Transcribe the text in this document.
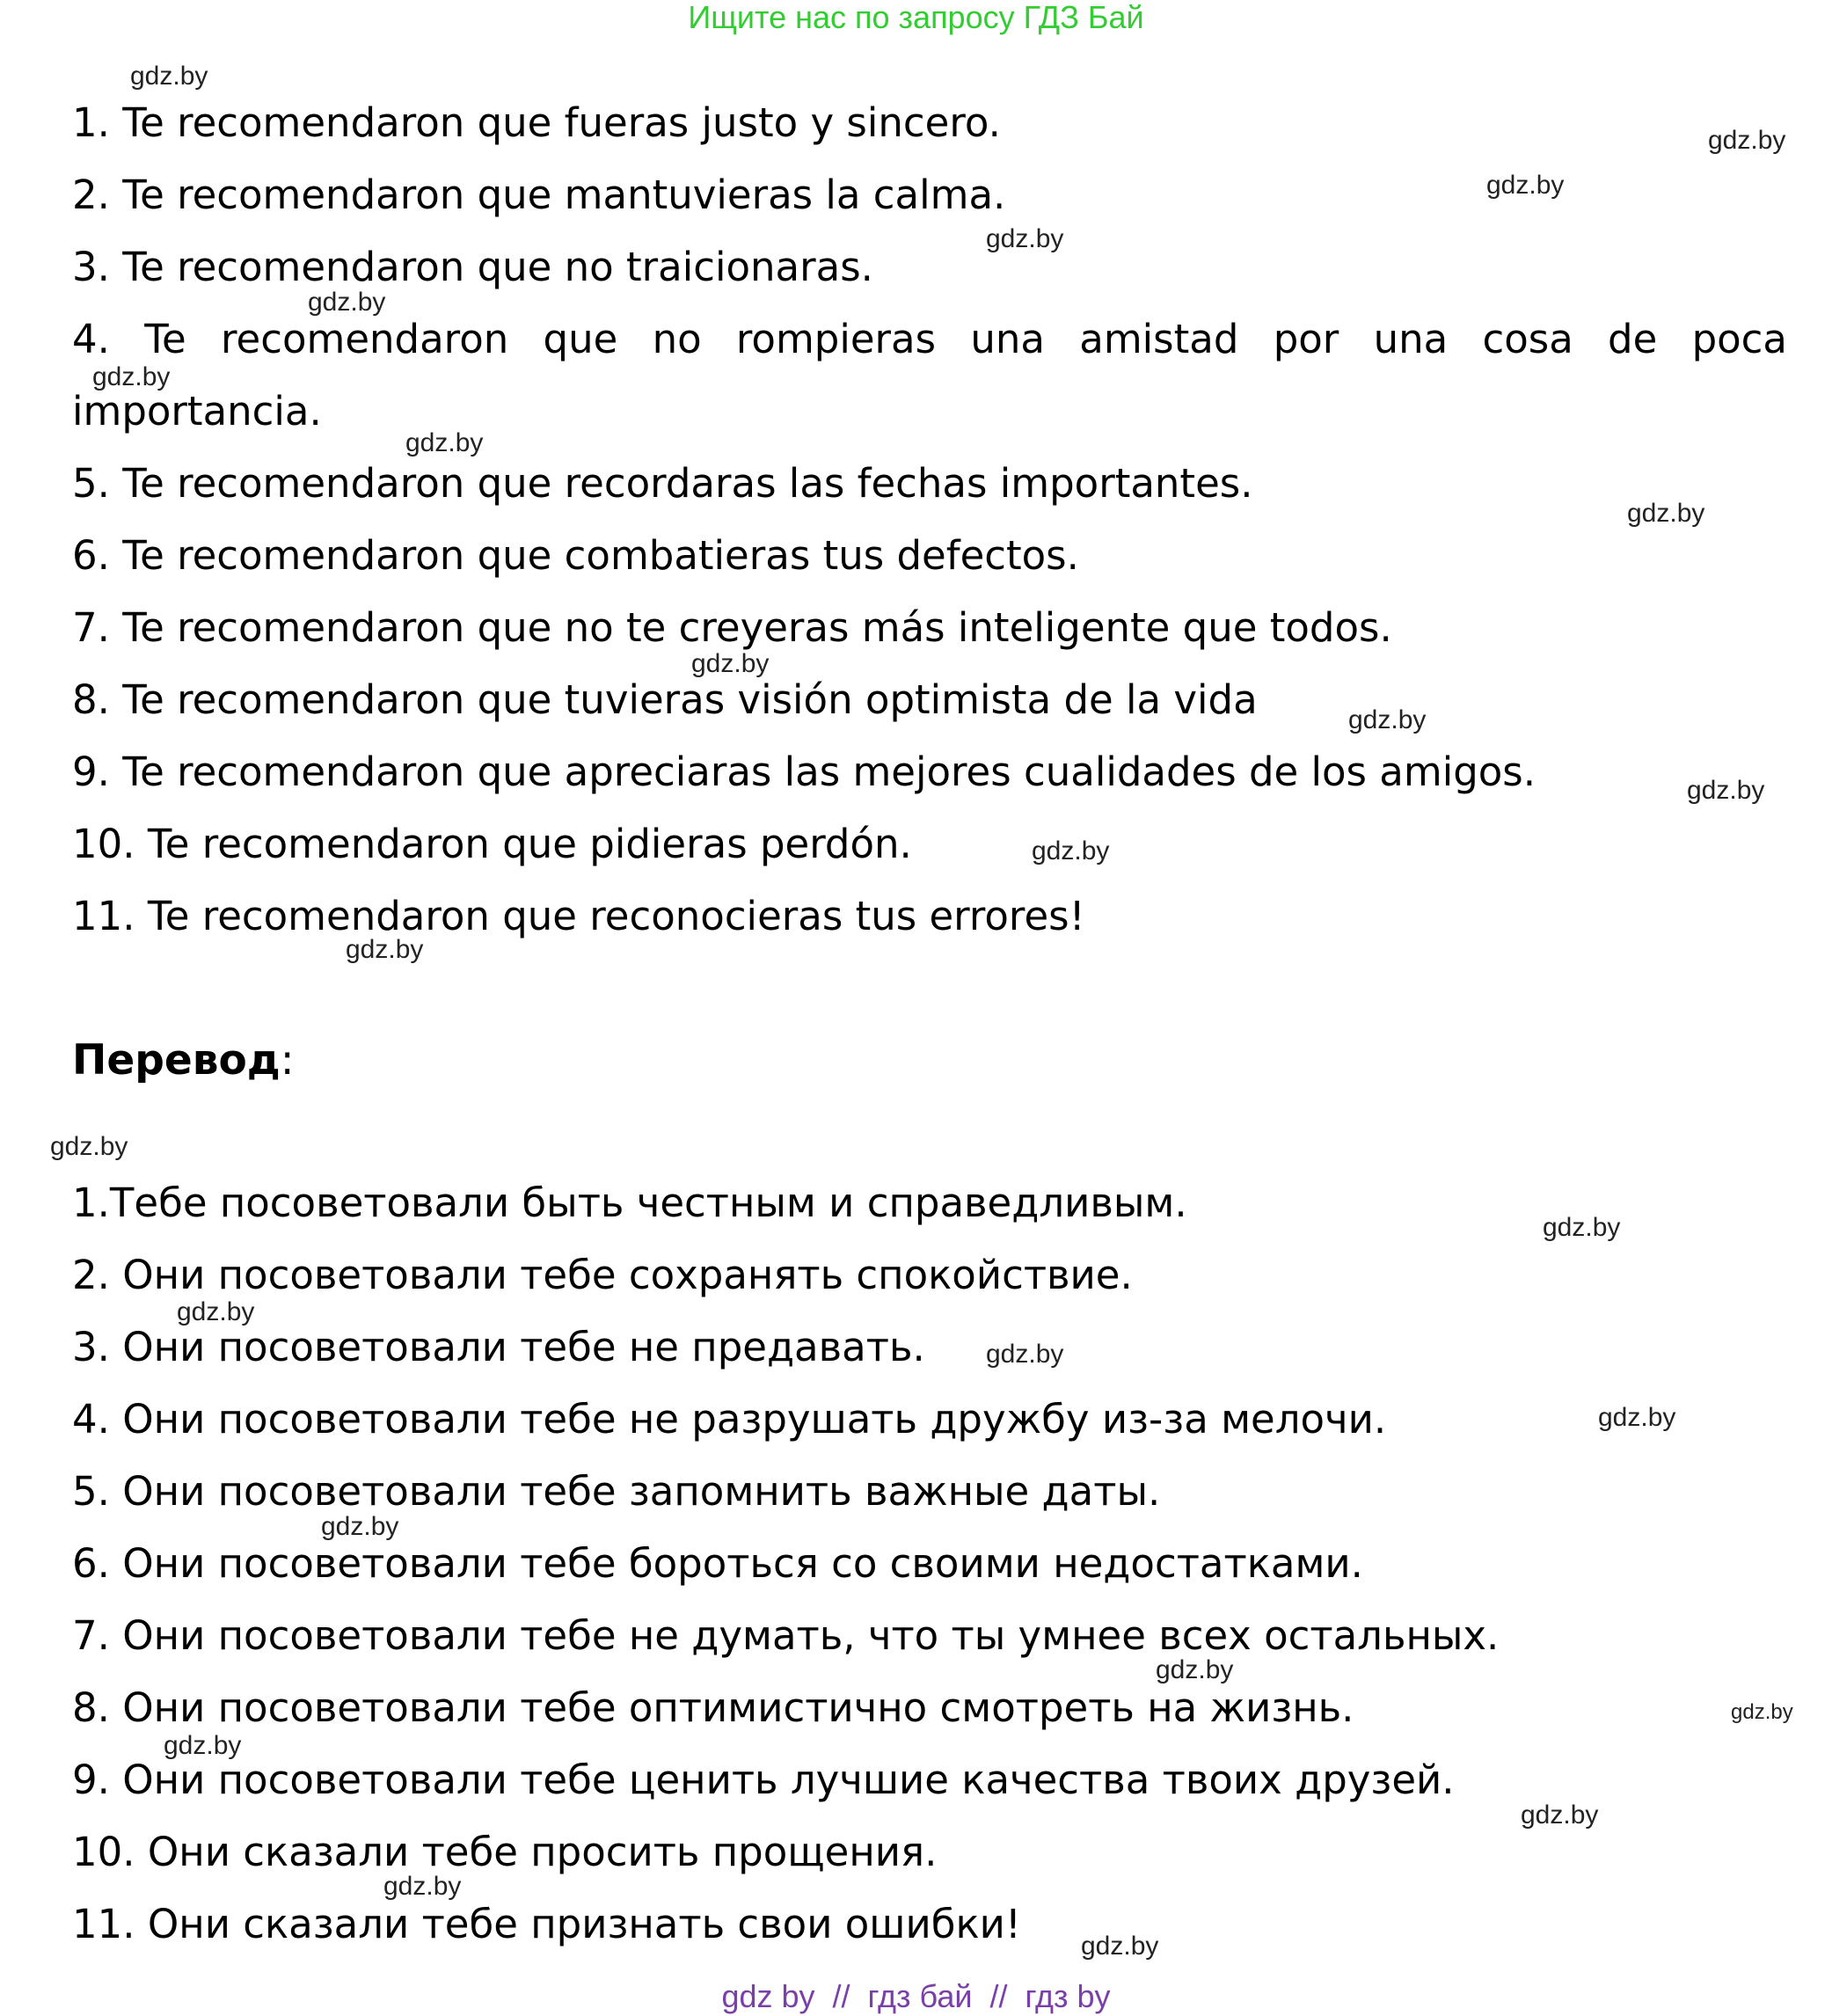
Ищите нас по запросу ГДЗ Бай
1. Te recomendaron que fueras justo y sincero.
2. Te recomendaron que mantuvieras la calma.
3. Te recomendaron que no traicionaras.
4. Te recomendaron que no rompieras una amistad por una cosa de poca
importancia.
5. Te recomendaron que recordaras las fechas importantes.
6. Te recomendaron que combatieras tus defectos.
7. Te recomendaron que no te creyeras más inteligente que todos.
8. Te recomendaron que tuvieras visión optimista de la vida
9. Te recomendaron que apreciaras las mejores cualidades de los amigos.
10. Te recomendaron que pidieras perdón.
11. Te recomendaron que reconocieras tus errores!
Перевод:
1.Тебе посоветовали быть честным и справедливым.
2. Они посоветовали тебе сохранять спокойствие.
3. Они посоветовали тебе не предавать.
4. Они посоветовали тебе не разрушать дружбу из-за мелочи.
5. Они посоветовали тебе запомнить важные даты.
6. Они посоветовали тебе бороться со своими недостатками.
7. Они посоветовали тебе не думать, что ты умнее всех остальных.
8. Они посоветовали тебе оптимистично смотреть на жизнь.
9. Они посоветовали тебе ценить лучшие качества твоих друзей.
10. Они сказали тебе просить прощения.
11. Они сказали тебе признать свои ошибки!
gdz.by
gdz.by
gdz.by
gdz.by
gdz.by
gdz.by
gdz.by
gdz.by
gdz.by
gdz.by
gdz.by
gdz.by
gdz.by
gdz.by
gdz.by
gdz.by
gdz.by
gdz.by
gdz.by
gdz.by
gdz.by
gdz.by
gdz.by
gdz.by
gdz.by
gdz by  //  гдз бай  //  гдз by
